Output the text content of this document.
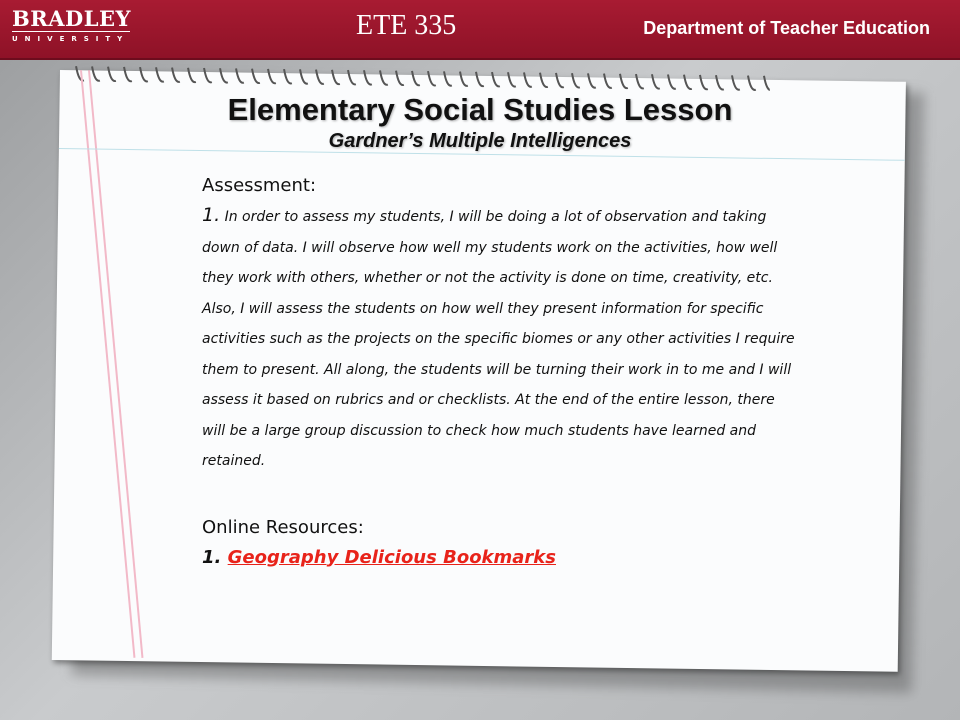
BRADLEY
UNIVERSITY	ETE 335	Department of Teacher Education
Elementary Social Studies Lesson
Gardner’s Multiple Intelligences

Assessment:

1. In order to assess my students, I will be doing a lot of observation and taking down of data. I will observe how well my students work on the activities, how well they work with others, whether or not the activity is done on time, creativity, etc. Also, I will assess the students on how well they present information for specific activities such as the projects on the specific biomes or any other activities I require them to present. All along, the students will be turning their work in to me and I will assess it based on rubrics and or checklists. At the end of the entire lesson, there will be a large group discussion to check how much students have learned and retained.

Online Resources:

1. Geography Delicious Bookmarks
